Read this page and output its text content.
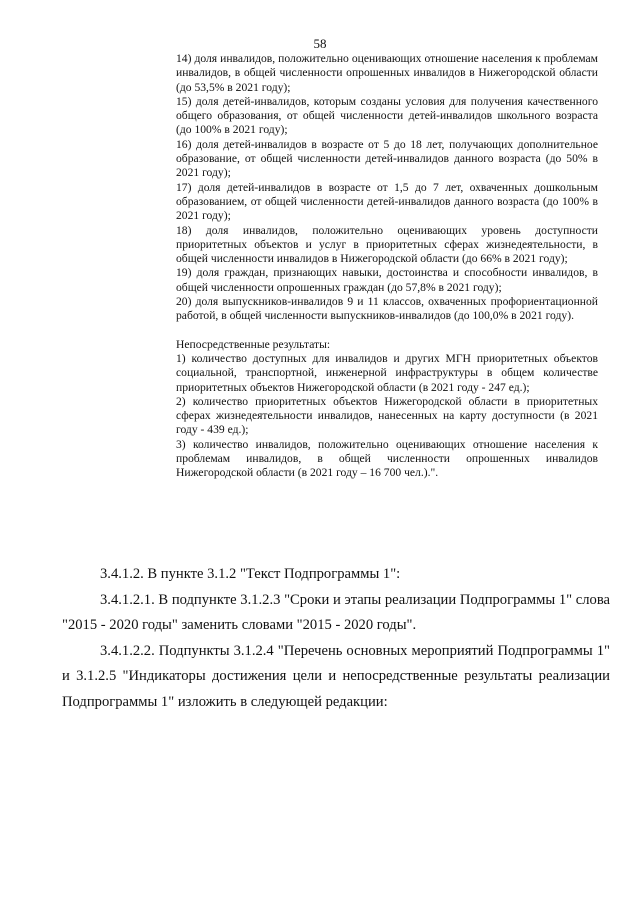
58

14) доля инвалидов, положительно оценивающих отношение населения к проблемам инвалидов, в общей численности опрошенных инвалидов в Нижегородской области (до 53,5% в 2021 году);

15) доля детей-инвалидов, которым созданы условия для получения качественного общего образования, от общей численности детей-инвалидов школьного возраста (до 100% в 2021 году);

16) доля детей-инвалидов в возрасте от 5 до 18 лет, получающих дополнительное образование, от общей численности детей-инвалидов данного возраста (до 50% в 2021 году);

17) доля детей-инвалидов в возрасте от 1,5 до 7 лет, охваченных дошкольным образованием, от общей численности детей-инвалидов данного возраста (до 100% в 2021 году);

18) доля инвалидов, положительно оценивающих уровень доступности приоритетных объектов и услуг в приоритетных сферах жизнедеятельности, в общей численности инвалидов в Нижегородской области (до 66% в 2021 году);

19) доля граждан, признающих навыки, достоинства и способности инвалидов, в общей численности опрошенных граждан (до 57,8% в 2021 году);

20) доля выпускников-инвалидов 9 и 11 классов, охваченных профориентационной работой, в общей численности выпускников-инвалидов (до 100,0% в 2021 году).

Непосредственные результаты:

1) количество доступных для инвалидов и других МГН приоритетных объектов социальной, транспортной, инженерной инфраструктуры в общем количестве приоритетных объектов Нижегородской области (в 2021 году - 247 ед.);

2) количество приоритетных объектов Нижегородской области в приоритетных сферах жизнедеятельности инвалидов, нанесенных на карту доступности (в 2021 году - 439 ед.);

3) количество инвалидов, положительно оценивающих отношение населения к проблемам инвалидов, в общей численности опрошенных инвалидов Нижегородской области (в 2021 году – 16 700 чел.).".

3.4.1.2. В пункте 3.1.2 "Текст Подпрограммы 1":

3.4.1.2.1. В подпункте 3.1.2.3 "Сроки и этапы реализации Подпрограммы 1" слова "2015 - 2020 годы" заменить словами "2015 - 2020 годы".

3.4.1.2.2. Подпункты 3.1.2.4 "Перечень основных мероприятий Подпрограммы 1" и 3.1.2.5 "Индикаторы достижения цели и непосредственные результаты реализации Подпрограммы 1" изложить в следующей редакции:
